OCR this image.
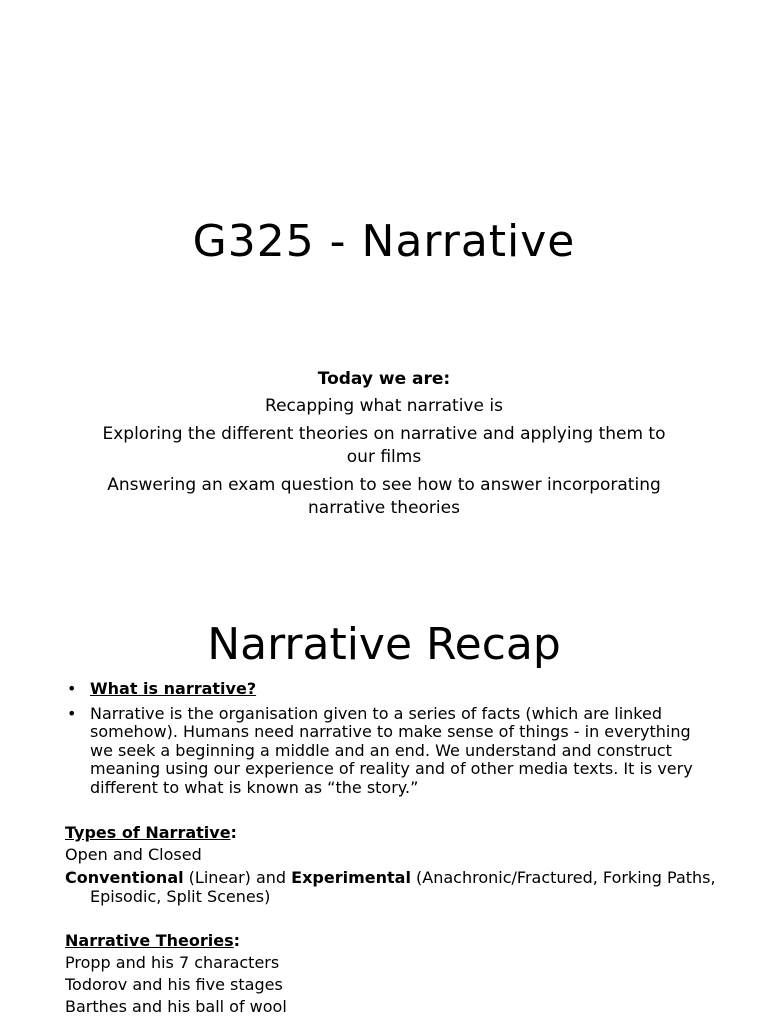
G325 - Narrative
Today we are:
Recapping what narrative is
Exploring the different theories on narrative and applying them to our films
Answering an exam question to see how to answer incorporating narrative theories
Narrative Recap
• What is narrative?
• Narrative is the organisation given to a series of facts (which are linked somehow). Humans need narrative to make sense of things - in everything we seek a beginning a middle and an end. We understand and construct meaning using our experience of reality and of other media texts. It is very different to what is known as “the story.”
Types of Narrative:
Open and Closed
Conventional (Linear) and Experimental (Anachronic/Fractured, Forking Paths, Episodic, Split Scenes)
Narrative Theories:
Propp and his 7 characters
Todorov and his five stages
Barthes and his ball of wool
